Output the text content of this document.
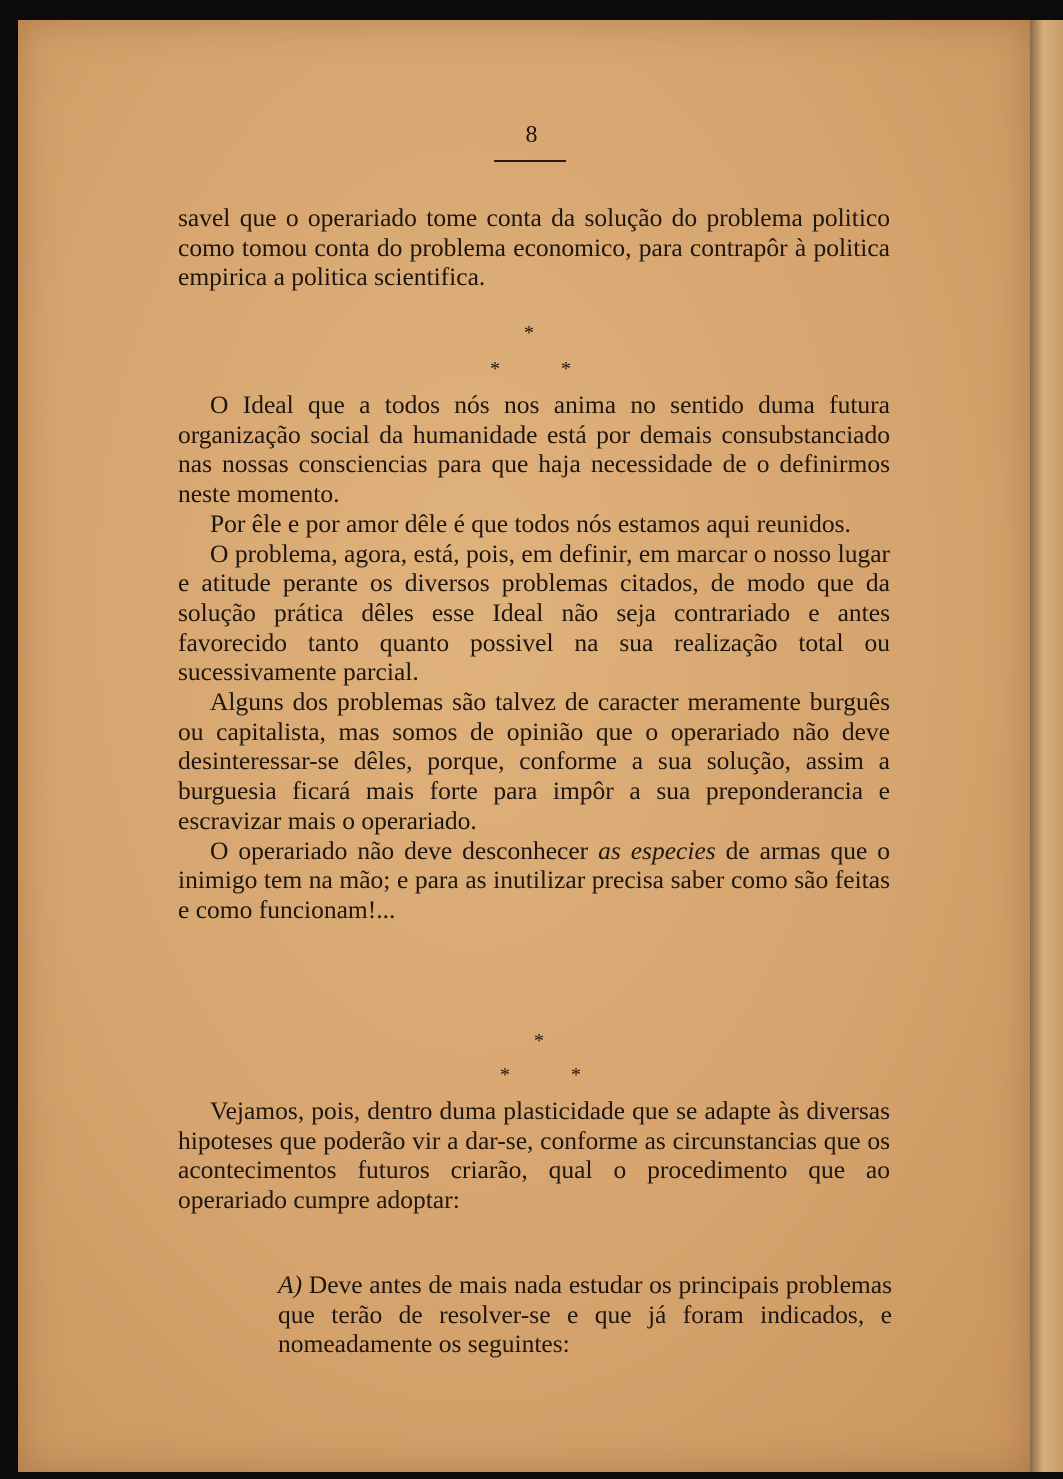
8

savel que o operariado tome conta da solução do problema politico como tomou conta do problema economico, para contrapôr à politica empirica a politica scientifica.

*
*	*

O Ideal que a todos nós nos anima no sentido duma futura organização social da humanidade está por demais consubstanciado nas nossas consciencias para que haja necessidade de o definirmos neste momento.

Por êle e por amor dêle é que todos nós estamos aqui reunidos.

O problema, agora, está, pois, em definir, em marcar o nosso lugar e atitude perante os diversos problemas citados, de modo que da solução prática dêles esse Ideal não seja contrariado e antes favorecido tanto quanto possivel na sua realização total ou sucessivamente parcial.

Alguns dos problemas são talvez de caracter meramente burguês ou capitalista, mas somos de opinião que o operariado não deve desinteressar-se dêles, porque, conforme a sua solução, assim a burguesia ficará mais forte para impôr a sua preponderancia e escravizar mais o operariado.

O operariado não deve desconhecer as especies de armas que o inimigo tem na mão; e para as inutilizar precisa saber como são feitas e como funcionam!...

*
*	*

Vejamos, pois, dentro duma plasticidade que se adapte às diversas hipoteses que poderão vir a dar-se, conforme as circunstancias que os acontecimentos futuros criarão, qual o procedimento que ao operariado cumpre adoptar:

A) Deve antes de mais nada estudar os principais problemas que terão de resolver-se e que já foram indicados, e nomeadamente os seguintes:
